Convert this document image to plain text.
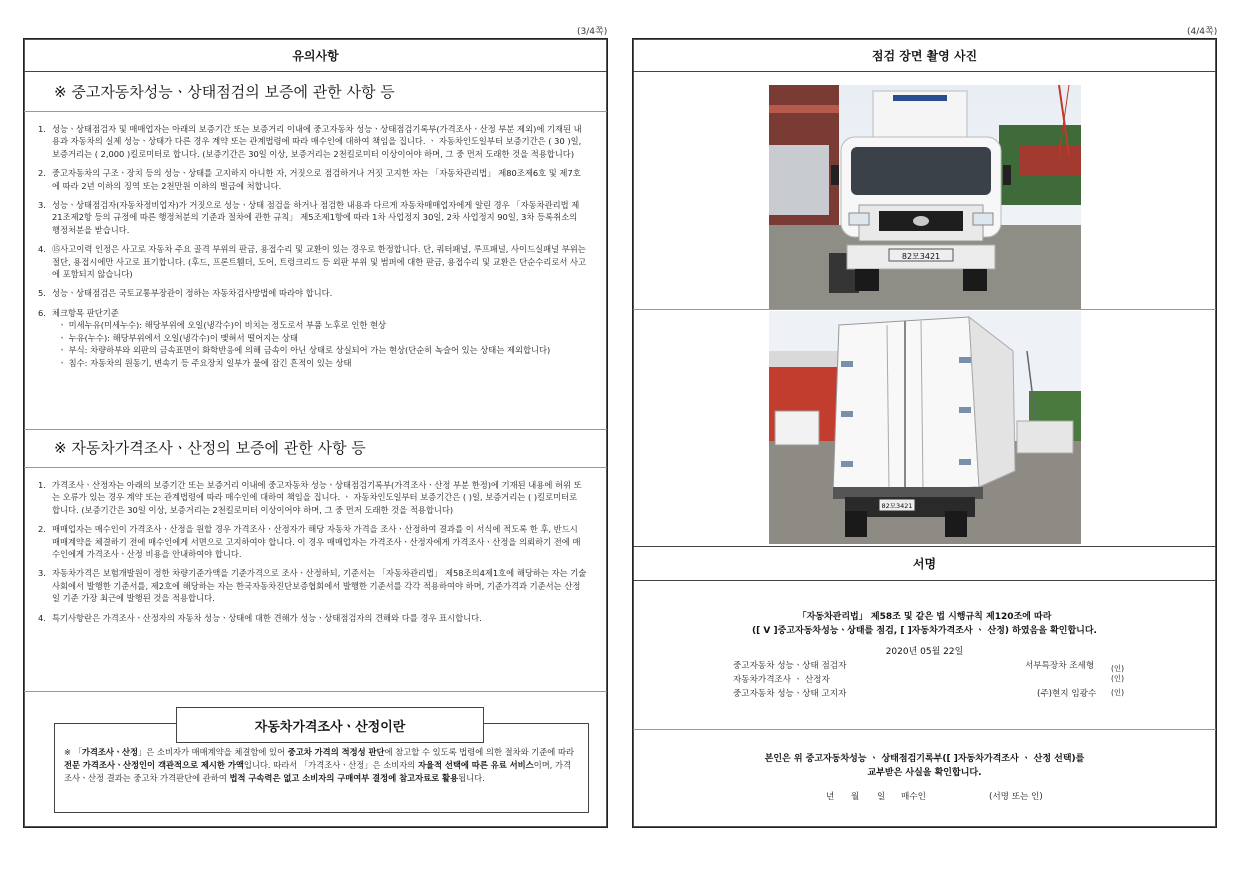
(3/4쪽)
유의사항
※ 중고자동차성능ㆍ상태점검의 보증에 관한 사항 등
1. 성능ㆍ상태점검자 및 매매업자는 아래의 보증기간 또는 보증거리 이내에 중고자동차 성능ㆍ상태점검기록부(가격조사ㆍ산정 부분 제외)에 기재된 내용과 자동차의 실제 성능ㆍ상태가 다른 경우 계약 또는 관계법령에 따라 매수인에 대하여 책임을 집니다. ㆍ 자동차인도일부터 보증기간은 ( 30 )일, 보증거리는 ( 2,000 )킬로미터로 합니다. (보증기간은 30일 이상, 보증거리는 2천킬로미터 이상이어야 하며, 그 중 먼저 도래한 것을 적용합니다)
2. 중고자동차의 구조ㆍ장치 등의 성능ㆍ상태를 고지하지 아니한 자, 거짓으로 점검하거나 거짓 고지한 자는 「자동차관리법」 제80조제6호 및 제7호에 따라 2년 이하의 징역 또는 2천만원 이하의 벌금에 처합니다.
3. 성능ㆍ상태점검자(자동차정비업자)가 거짓으로 성능ㆍ상태 점검을 하거나 점검한 내용과 다르게 자동차매매업자에게 알린 경우 「자동차관리법 제21조제2항 등의 규정에 따른 행정처분의 기준과 절차에 관한 규칙」 제5조제1항에 따라 1차 사업정지 30일, 2차 사업정지 90일, 3차 등록취소의 행정처분을 받습니다.
4. ⑮사고이력 인정은 사고로 자동차 주요 골격 부위의 판금, 용접수리 및 교환이 있는 경우로 한정합니다. 단, 쿼터패널, 루프패널, 사이드실패널 부위는 절단, 용접시에만 사고로 표기합니다. (후드, 프론트휀더, 도어, 트렁크리드 등 외판 부위 및 범퍼에 대한 판금, 용접수리 및 교환은 단순수리로서 사고에 포함되지 않습니다)
5. 성능ㆍ상태점검은 국토교통부장관이 정하는 자동차검사방법에 따라야 합니다.
6. 체크항목 판단기준
ㆍ 미세누유(미세누수): 해당부위에 오일(냉각수)이 비치는 정도로서 부품 노후로 인한 현상
ㆍ 누유(누수): 해당부위에서 오일(냉각수)이 맺혀서 떨어지는 상태
ㆍ 부식: 차량하부와 외판의 금속표면이 화학반응에 의해 금속이 아닌 상태로 상실되어 가는 현상(단순히 녹슬어 있는 상태는 제외합니다)
ㆍ 침수: 자동차의 원동기, 변속기 등 주요장치 일부가 물에 잠긴 흔적이 있는 상태
※ 자동차가격조사ㆍ산정의 보증에 관한 사항 등
1. 가격조사ㆍ산정자는 아래의 보증기간 또는 보증거리 이내에 중고자동차 성능ㆍ상태점검기록부(가격조사ㆍ산정 부분 한정)에 기재된 내용에 허위 또는 오류가 있는 경우 계약 또는 관계법령에 따라 매수인에 대하여 책임을 집니다. ㆍ 자동차인도일부터 보증기간은 ( )일, 보증거리는 ( )킬로미터로 합니다. (보증기간은 30일 이상, 보증거리는 2천킬로미터 이상이어야 하며, 그 중 먼저 도래한 것을 적용합니다)
2. 매매업자는 매수인이 가격조사ㆍ산정을 원할 경우 가격조사ㆍ산정자가 해당 자동차 가격을 조사ㆍ산정하여 결과를 이 서식에 적도록 한 후, 반드시 매매계약을 체결하기 전에 매수인에게 서면으로 고지하여야 합니다. 이 경우 매매업자는 가격조사ㆍ산정자에게 가격조사ㆍ산정을 의뢰하기 전에 매수인에게 가격조사ㆍ산정 비용을 안내하여야 합니다.
3. 자동차가격은 보험개발원이 정한 차량기준가액을 기준가격으로 조사ㆍ산정하되, 기준서는 「자동차관리법」 제58조의4제1호에 해당하는 자는 기술사회에서 발행한 기준서를, 제2호에 해당하는 자는 한국자동차진단보증협회에서 발행한 기준서를 각각 적용하여야 하며, 기준가격과 기준서는 산정일 기준 가장 최근에 발행된 것을 적용합니다.
4. 특기사항란은 가격조사ㆍ산정자의 자동차 성능ㆍ상태에 대한 견해가 성능ㆍ상태점검자의 견해와 다를 경우 표시합니다.
자동차가격조사ㆍ산정이란
※ 「가격조사ㆍ산정」은 소비자가 매매계약을 체결함에 있어 중고차 가격의 적정성 판단에 참고할 수 있도록 법령에 의한 절차와 기준에 따라 전문 가격조사ㆍ산정인이 객관적으로 제시한 가액입니다. 따라서 「가격조사ㆍ산정」은 소비자의 자율적 선택에 따른 유료 서비스이며, 가격조사ㆍ산정 결과는 중고차 가격판단에 관하여 법적 구속력은 없고 소비자의 구매여부 결정에 참고자료로 활용됩니다.
(4/4쪽)
점검 장면 촬영 사진
82모3421
82모3421
서명
「자동차관리법」 제58조 및 같은 법 시행규칙 제120조에 따라
([ V ]중고자동차성능ㆍ상태를 점검, [ ]자동차가격조사 ㆍ 산정) 하였음을 확인합니다.
2020년 05월 22일
중고자동차 성능ㆍ상태 점검자	서부특장차 조세형 (인)
자동차가격조사 ㆍ 산정자	(인)
중고자동차 성능ㆍ상태 고지자	(주)현지 임광수 (인)
본인은 위 중고자동차성능 ㆍ 상태점검기록부([ ]자동차가격조사 ㆍ 산정 선택)를
교부받은 사실을 확인합니다.
년 월 일 매수인	(서명 또는 인)
